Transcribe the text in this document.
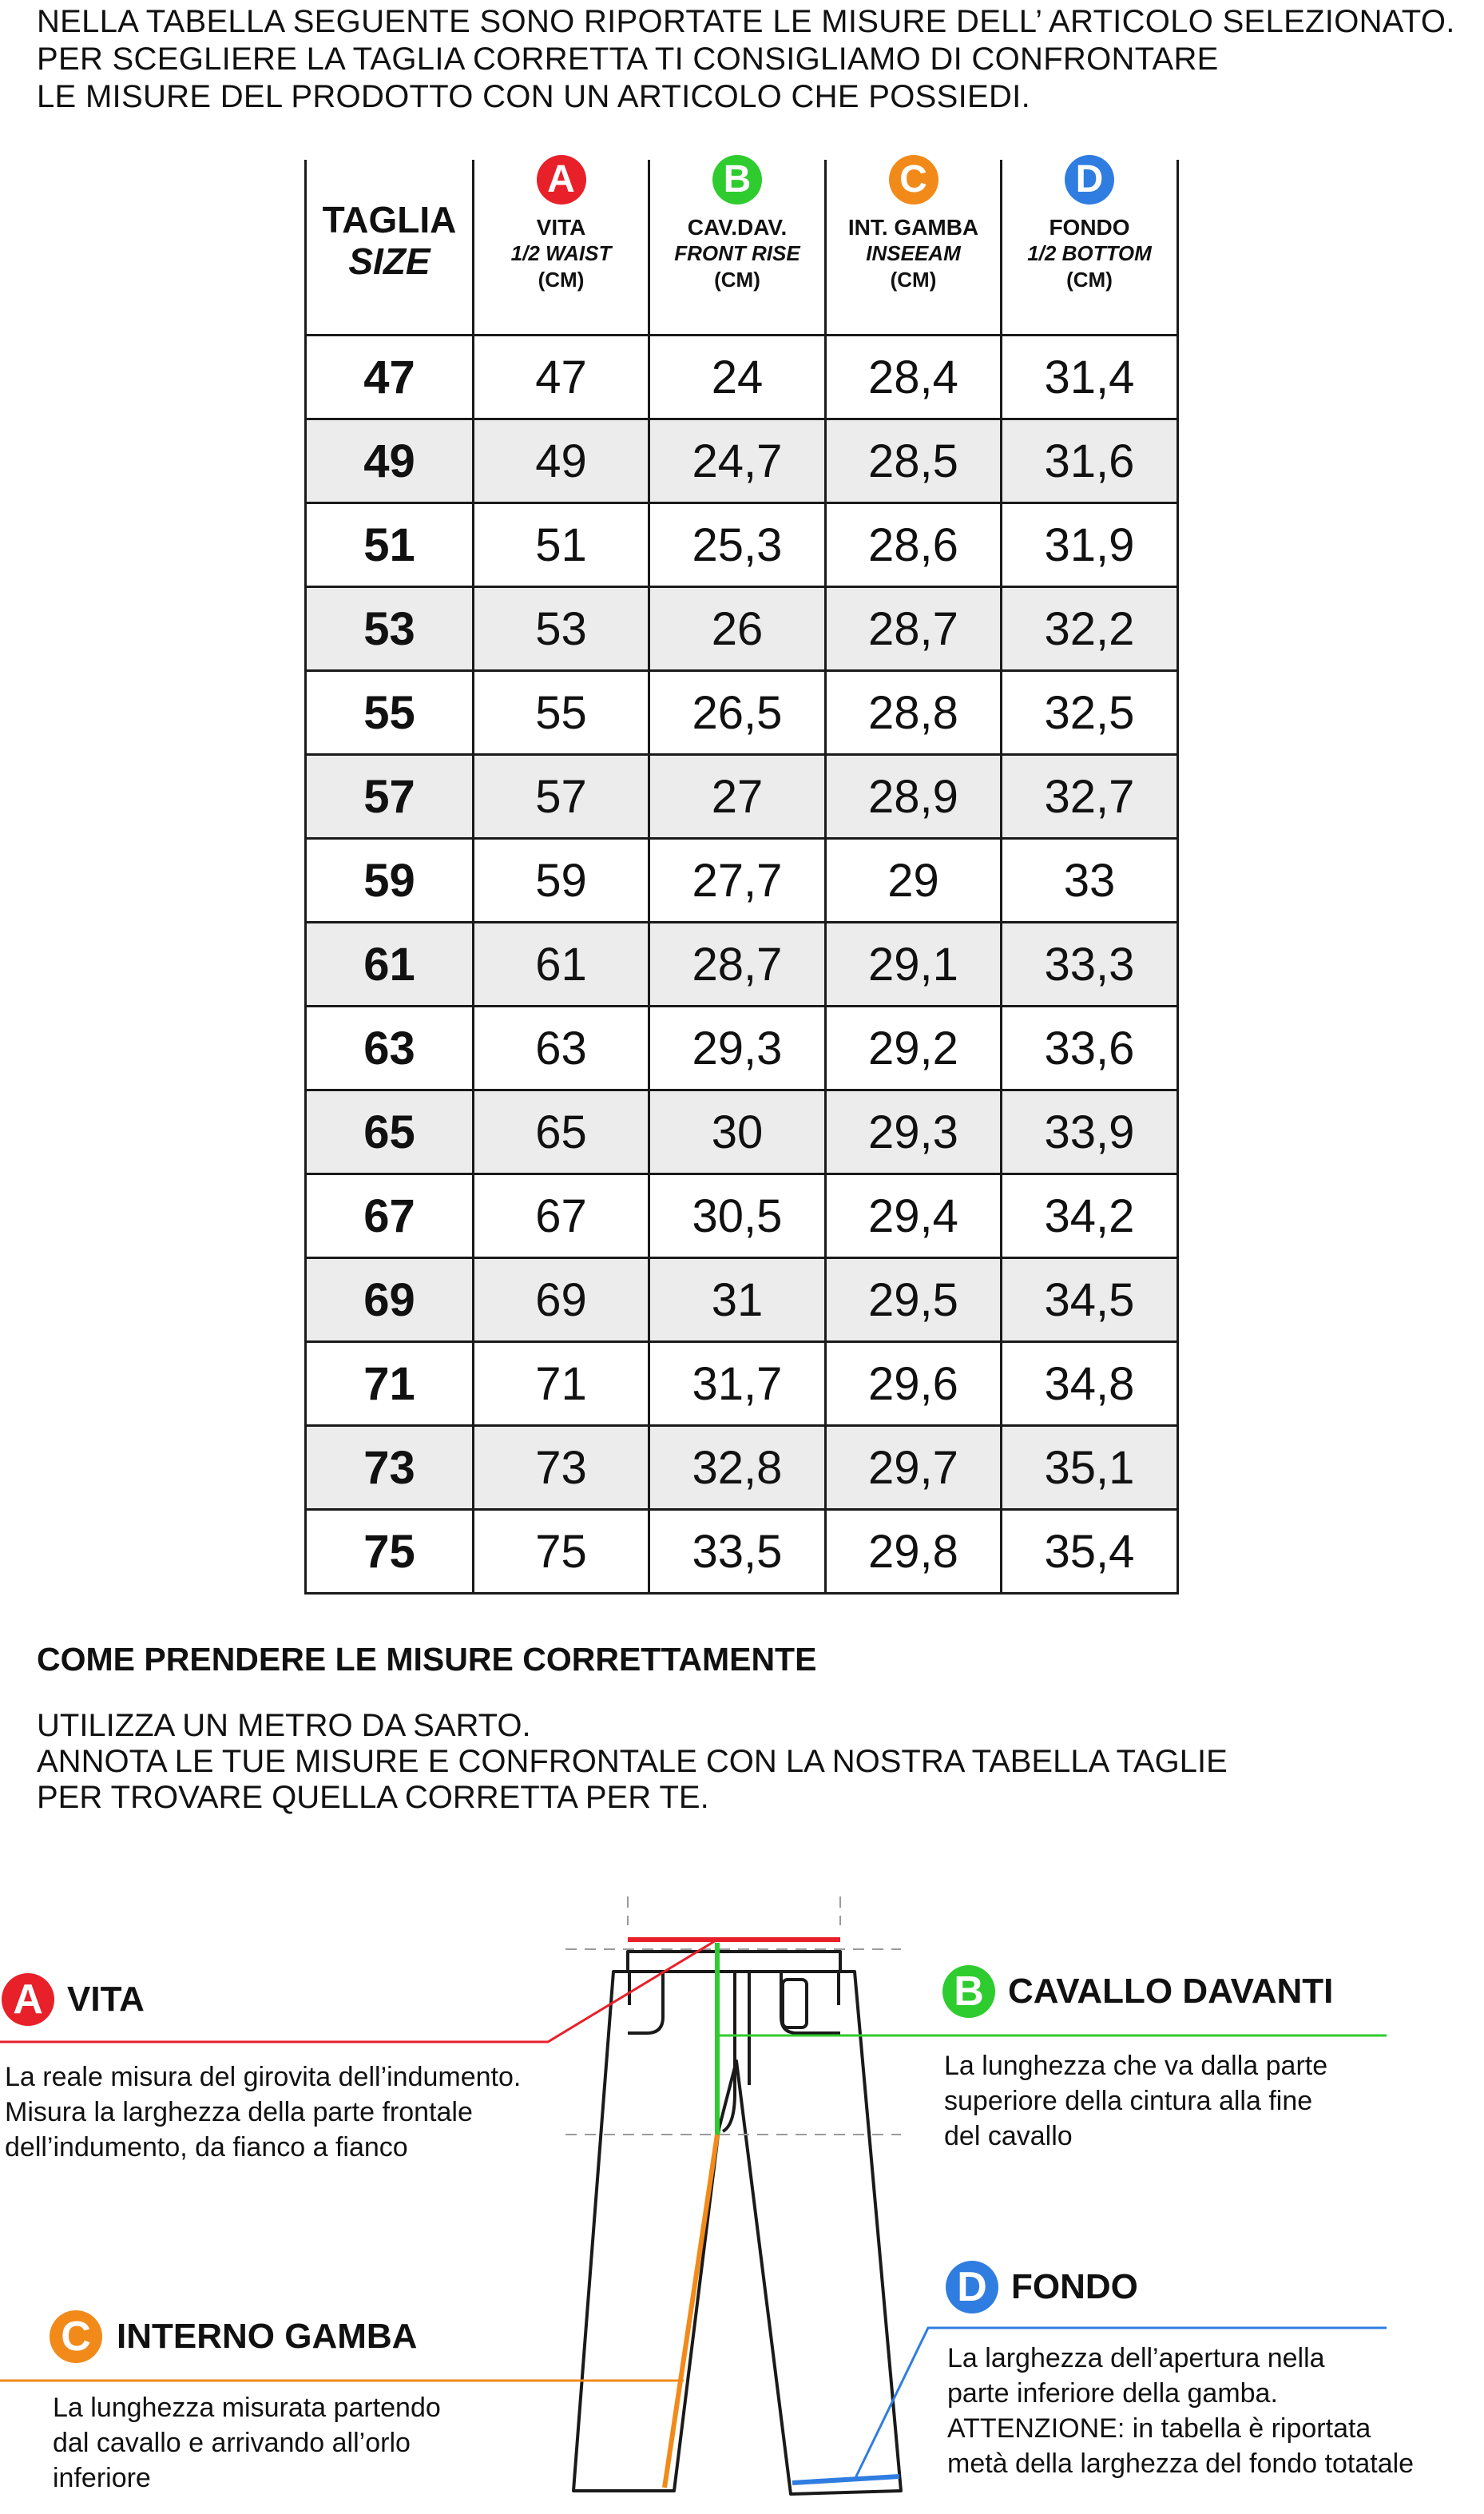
NELLA TABELLA SEGUENTE SONO RIPORTATE LE MISURE DELL’ ARTICOLO SELEZIONATO.
PER SCEGLIERE LA TAGLIA CORRETTA TI CONSIGLIAMO DI CONFRONTARE
LE MISURE DEL PRODOTTO CON UN ARTICOLO CHE POSSIEDI.
TAGLIA
SIZE	A
VITA
1/2 WAIST
(CM)	B
CAV.DAV.
FRONT RISE
(CM)	C
INT. GAMBA
INSEEAM
(CM)	D
FONDO
1/2 BOTTOM
(CM)

47	47	24	28,4	31,4
49	49	24,7	28,5	31,6
51	51	25,3	28,6	31,9
53	53	26	28,7	32,2
55	55	26,5	28,8	32,5
57	57	27	28,9	32,7
59	59	27,7	29	33
61	61	28,7	29,1	33,3
63	63	29,3	29,2	33,6
65	65	30	29,3	33,9
67	67	30,5	29,4	34,2
69	69	31	29,5	34,5
71	71	31,7	29,6	34,8
73	73	32,8	29,7	35,1
75	75	33,5	29,8	35,4
COME PRENDERE LE MISURE CORRETTAMENTE
UTILIZZA UN METRO DA SARTO.
ANNOTA LE TUE MISURE E CONFRONTALE CON LA NOSTRA TABELLA TAGLIE
PER TROVARE QUELLA CORRETTA PER TE.
A VITA
La reale misura del girovita dell’indumento.
Misura la larghezza della parte frontale
dell’indumento, da fianco a fianco
B CAVALLO DAVANTI
La lunghezza che va dalla parte
superiore della cintura alla fine
del cavallo
C INTERNO GAMBA
La lunghezza misurata partendo
dal cavallo e arrivando all’orlo
inferiore
D FONDO
La larghezza dell’apertura nella
parte inferiore della gamba.
ATTENZIONE: in tabella è riportata
metà della larghezza del fondo totatale
